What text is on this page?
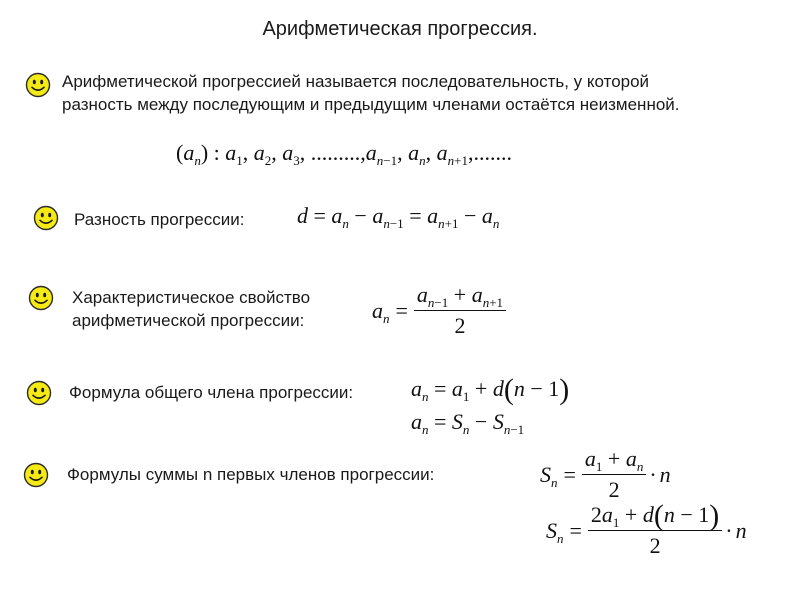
Арифметическая прогрессия.
Арифметической прогрессией называется последовательность, у которой
разность между последующим и предыдущим членами остаётся неизменной.
$(a_n)$ : $a_1$, $a_2$, $a_3$, $.........,a_{n-1}$, $a_n$, $a_{n+1}$,.......
Разность прогрессии: $d = a_n - a_{n-1} = a_{n+1} - a_n$
Характеристическое свойство
арифметической прогрессии:	$a_n = \frac{a_{n-1} + a_{n+1}}{2}$
Формула общего члена прогрессии:	$a_n = a_1 + d(n - 1)$
$a_n = S_n - S_{n-1}$
Формулы суммы n первых членов прогрессии:	$S_n = \frac{a_1 + a_n}{2} \cdot n$
$S_n = \frac{2a_1 + d(n - 1)}{2} \cdot n$
